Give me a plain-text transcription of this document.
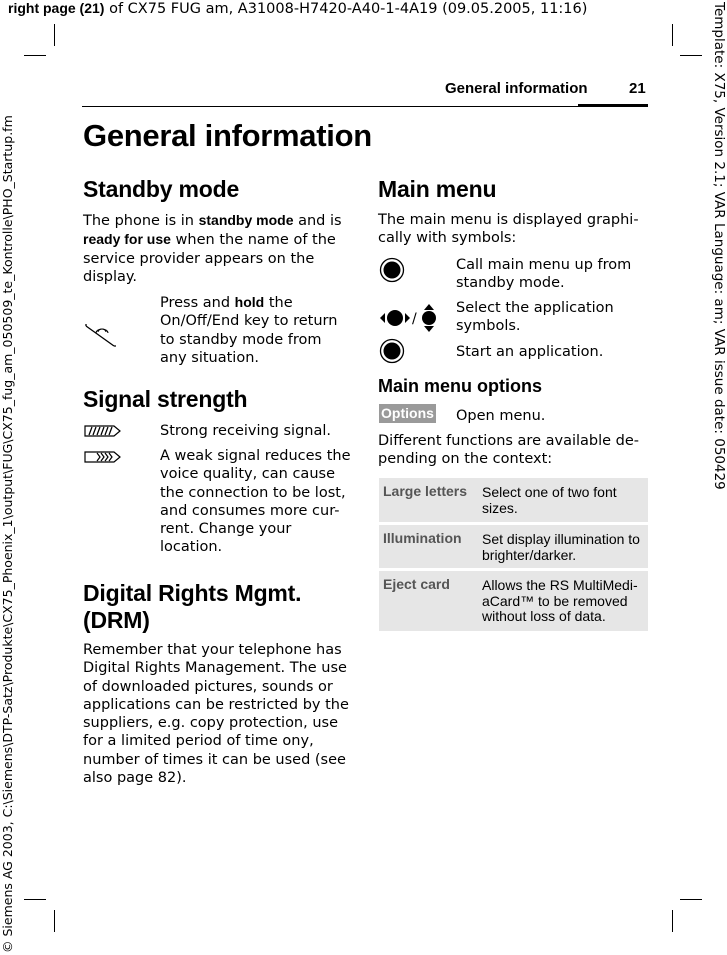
right page (21) of CX75 FUG am, A31008-H7420-A40-1-4A19 (09.05.2005, 11:16)	Template: X75, Version 2.1; VAR Language: am; VAR issue date: 050429
© Siemens AG 2003, C:\Siemens\DTP-Satz\Produkte\CX75_Phoenix_1\output\FUG\CX75_fug_am_050509_te_Kontrolle\PHO_Startup.fm
General information	21
General information
Standby mode
The phone is in standby mode and is
ready for use when the name of the
service provider appears on the
display.
Press and hold the
On/Off/End key to return
to standby mode from
any situation.
Signal strength
Strong receiving signal.
A weak signal reduces the
voice quality, can cause
the connection to be lost,
and consumes more cur-
rent. Change your
location.
Digital Rights Mgmt.
(DRM)
Remember that your telephone has
Digital Rights Management. The use
of downloaded pictures, sounds or
applications can be restricted by the
suppliers, e.g. copy protection, use
for a limited period of time ony,
number of times it can be used (see
also page 82).
Main menu
The main menu is displayed graphi-
cally with symbols:
Call main menu up from
standby mode.
/
Select the application
symbols.
Start an application.
Main menu options
Options Open menu.
Different functions are available de-
pending on the context:
Large letters Select one of two font sizes.
Illumination Set display illumination to brighter/darker.
Eject card Allows the RS MultiMedi-aCard™ to be removed without loss of data.
